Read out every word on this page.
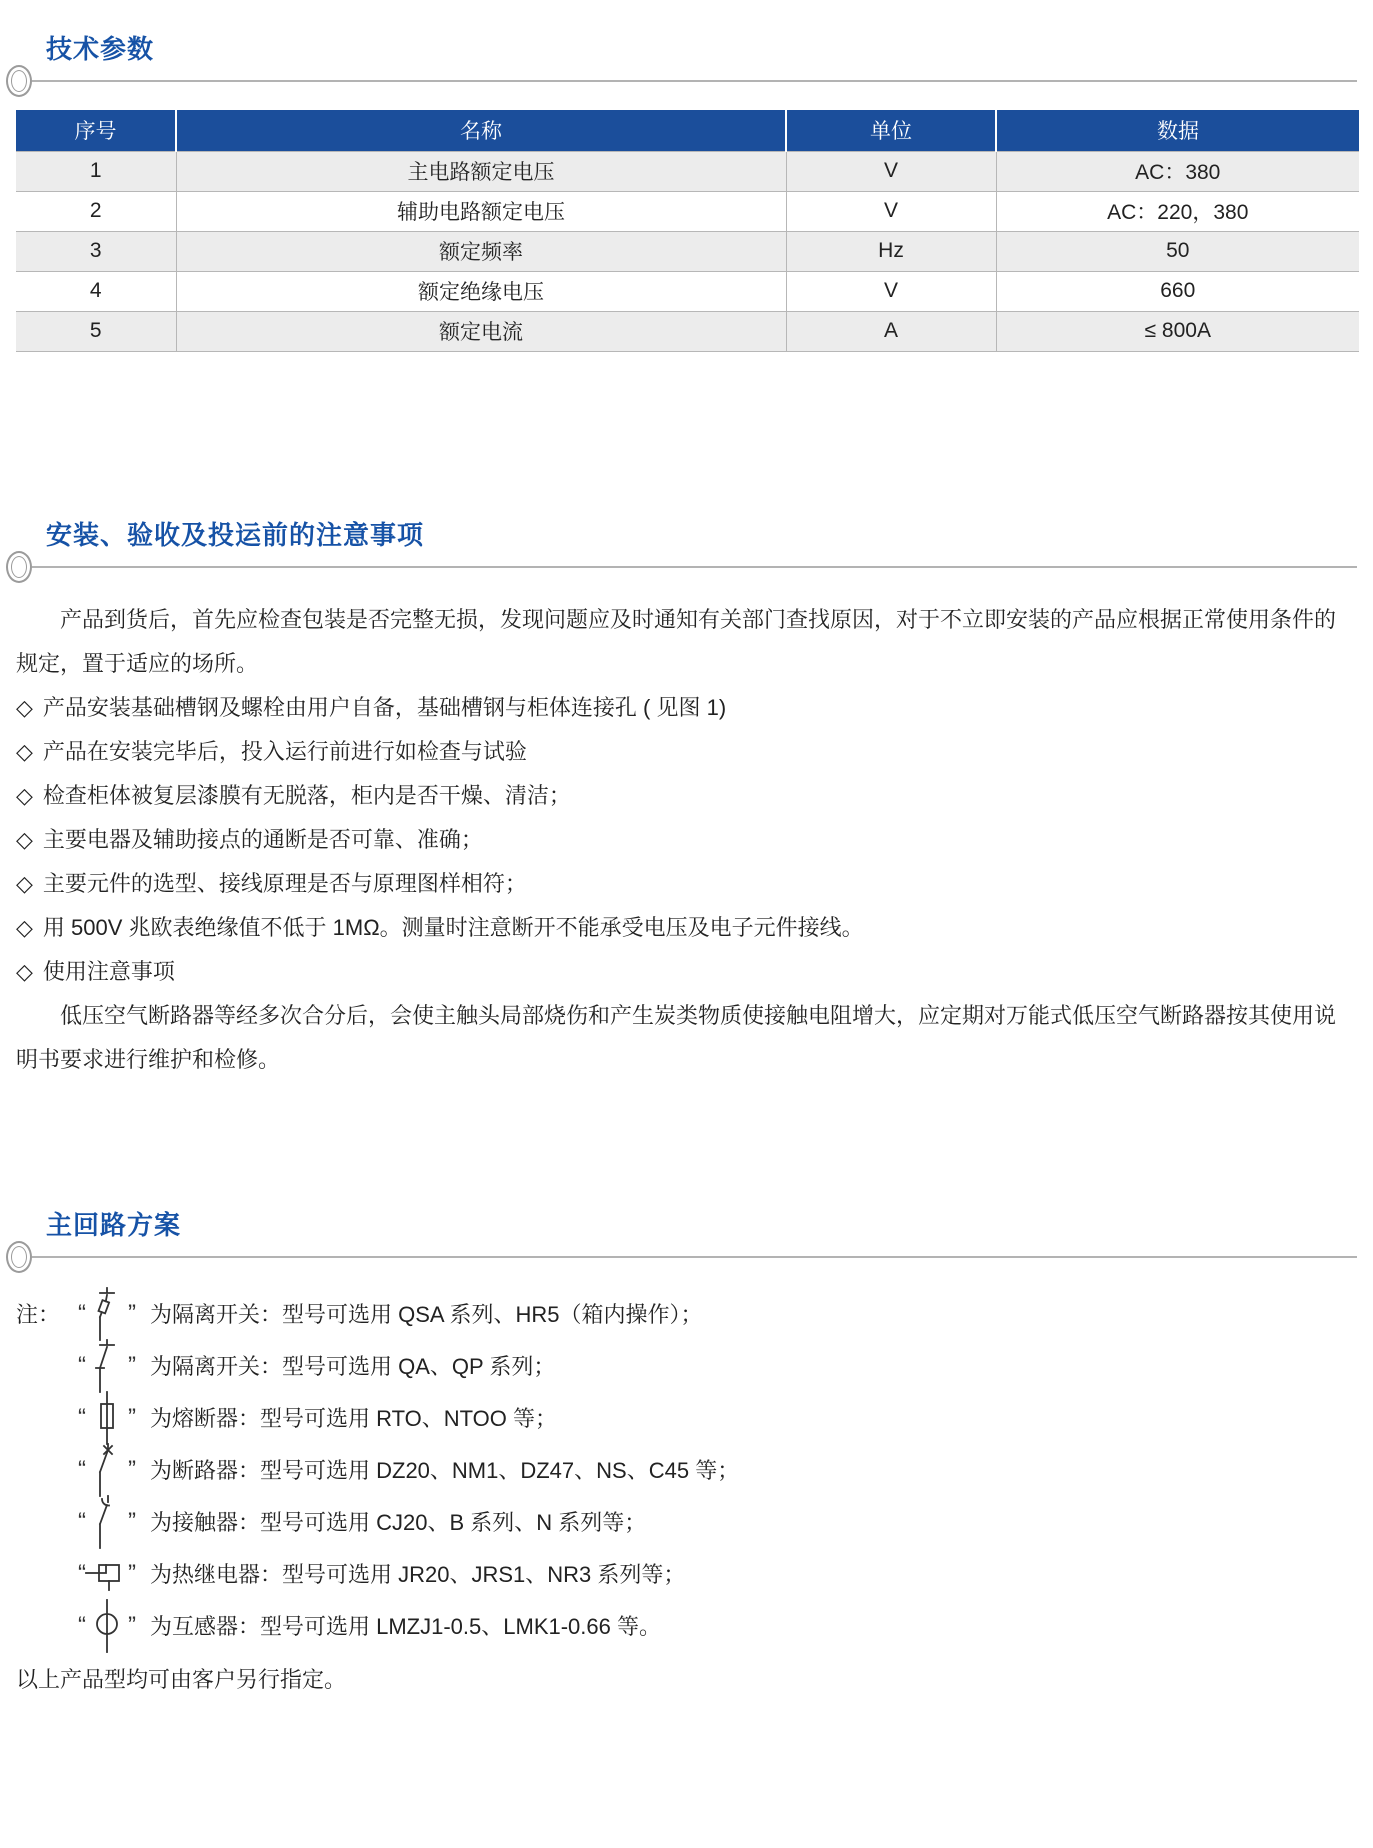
技术参数
序号	名称	单位	数据
1	主电路额定电压	V	AC：380
2	辅助电路额定电压	V	AC：220，380
3	额定频率	Hz	50
4	额定绝缘电压	V	660
5	额定电流	A	≤ 800A
安装、验收及投运前的注意事项

产品到货后，首先应检查包装是否完整无损，发现问题应及时通知有关部门查找原因，对于不立即安装的产品应根据正常使用条件的规定，置于适应的场所。

◇ 产品安装基础槽钢及螺栓由用户自备，基础槽钢与柜体连接孔 ( 见图 1)
◇ 产品在安装完毕后，投入运行前进行如检查与试验
◇ 检查柜体被复层漆膜有无脱落，柜内是否干燥、清洁；
◇ 主要电器及辅助接点的通断是否可靠、准确；
◇ 主要元件的选型、接线原理是否与原理图样相符；
◇ 用 500V 兆欧表绝缘值不低于 1MΩ。测量时注意断开不能承受电压及电子元件接线。
◇ 使用注意事项

低压空气断路器等经多次合分后，会使主触头局部烧伤和产生炭类物质使接触电阻增大，应定期对万能式低压空气断路器按其使用说明书要求进行维护和检修。

主回路方案
注： “ ” 为隔离开关：型号可选用 QSA 系列、HR5（箱内操作）；
“ ” 为隔离开关：型号可选用 QA、QP 系列；
“ ” 为熔断器：型号可选用 RTO、NTOO 等；
“ ” 为断路器：型号可选用 DZ20、NM1、DZ47、NS、C45 等；
“ ” 为接触器：型号可选用 CJ20、B 系列、N 系列等；
“ ” 为热继电器：型号可选用 JR20、JRS1、NR3 系列等；
“ ” 为互感器：型号可选用 LMZJ1-0.5、LMK1-0.66 等。

以上产品型均可由客户另行指定。
